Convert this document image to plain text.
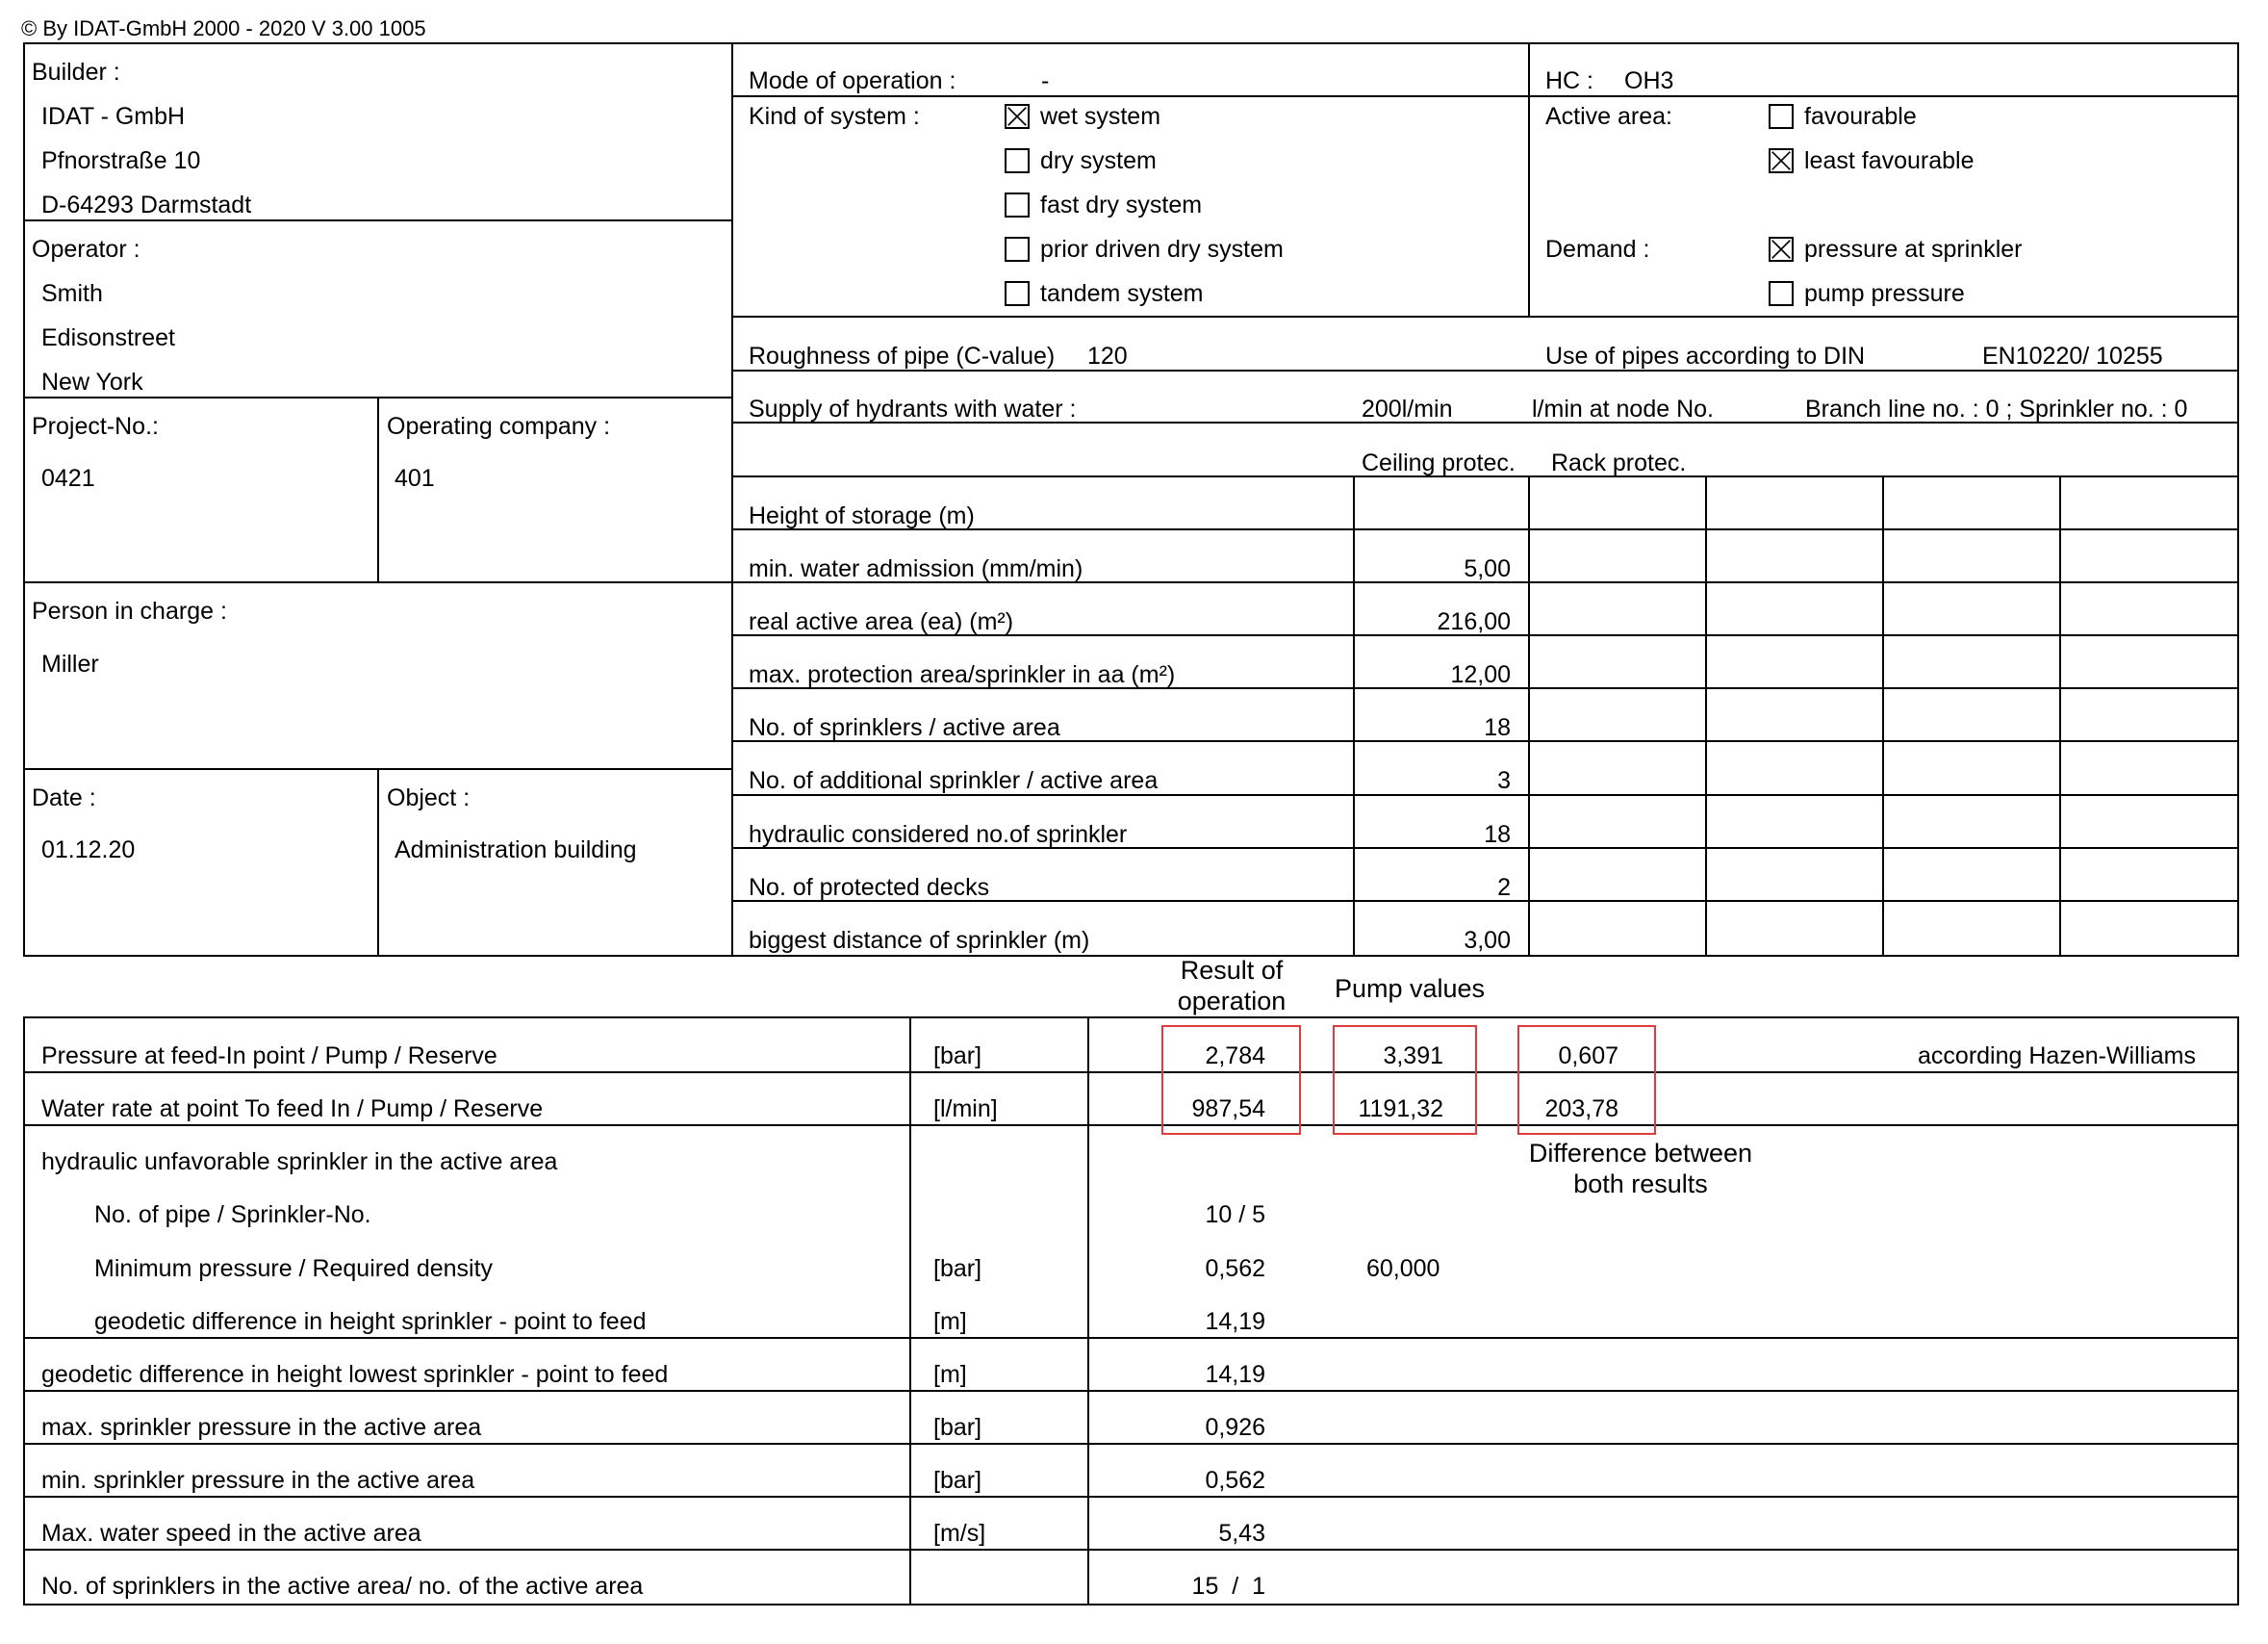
© By IDAT-GmbH 2000 - 2020 V 3.00 1005
Builder :
IDAT - GmbH
Pfnorstraße 10
D-64293 Darmstadt
Operator :
Smith
Edisonstreet
New York
Project-No.:
0421
Operating company :
401
Person in charge :
Miller
Date :
01.12.20
Object :
Administration building
Mode of operation :	-
Kind of system :	wet system
dry system
fast dry system
prior driven dry system
tandem system
HC : OH3
Active area:	favourable
least favourable
Demand :	pressure at sprinkler
pump pressure
Roughness of pipe (C-value) 120	Use of pipes according to DIN	EN10220/ 10255
Supply of hydrants with water :	200l/min	l/min at node No.	Branch line no. : 0 ; Sprinkler no. : 0
Ceiling protec. Rack protec.
Height of storage (m)
min. water admission (mm/min)	5,00
real active area (ea) (m²)	216,00
max. protection area/sprinkler in aa (m²)	12,00
No. of sprinklers / active area	18
No. of additional sprinkler / active area	3
hydraulic considered no.of sprinkler	18
No. of protected decks	2
biggest distance of sprinkler (m)	3,00
Result of
operation	Pump values
Difference between
both results
Pressure at feed-In point / Pump / Reserve	[bar]	2,784	3,391	0,607	according Hazen-Williams
Water rate at point To feed In / Pump / Reserve	[l/min]	987,54	1191,32	203,78
hydraulic unfavorable sprinkler in the active area
No. of pipe / Sprinkler-No.	10 / 5
Minimum pressure / Required density	[bar]	0,562	60,000
geodetic difference in height sprinkler - point to feed	[m]	14,19
geodetic difference in height lowest sprinkler - point to feed	[m]	14,19
max. sprinkler pressure in the active area	[bar]	0,926
min. sprinkler pressure in the active area	[bar]	0,562
Max. water speed in the active area	[m/s]	5,43
No. of sprinklers in the active area/ no. of the active area	15  /  1
